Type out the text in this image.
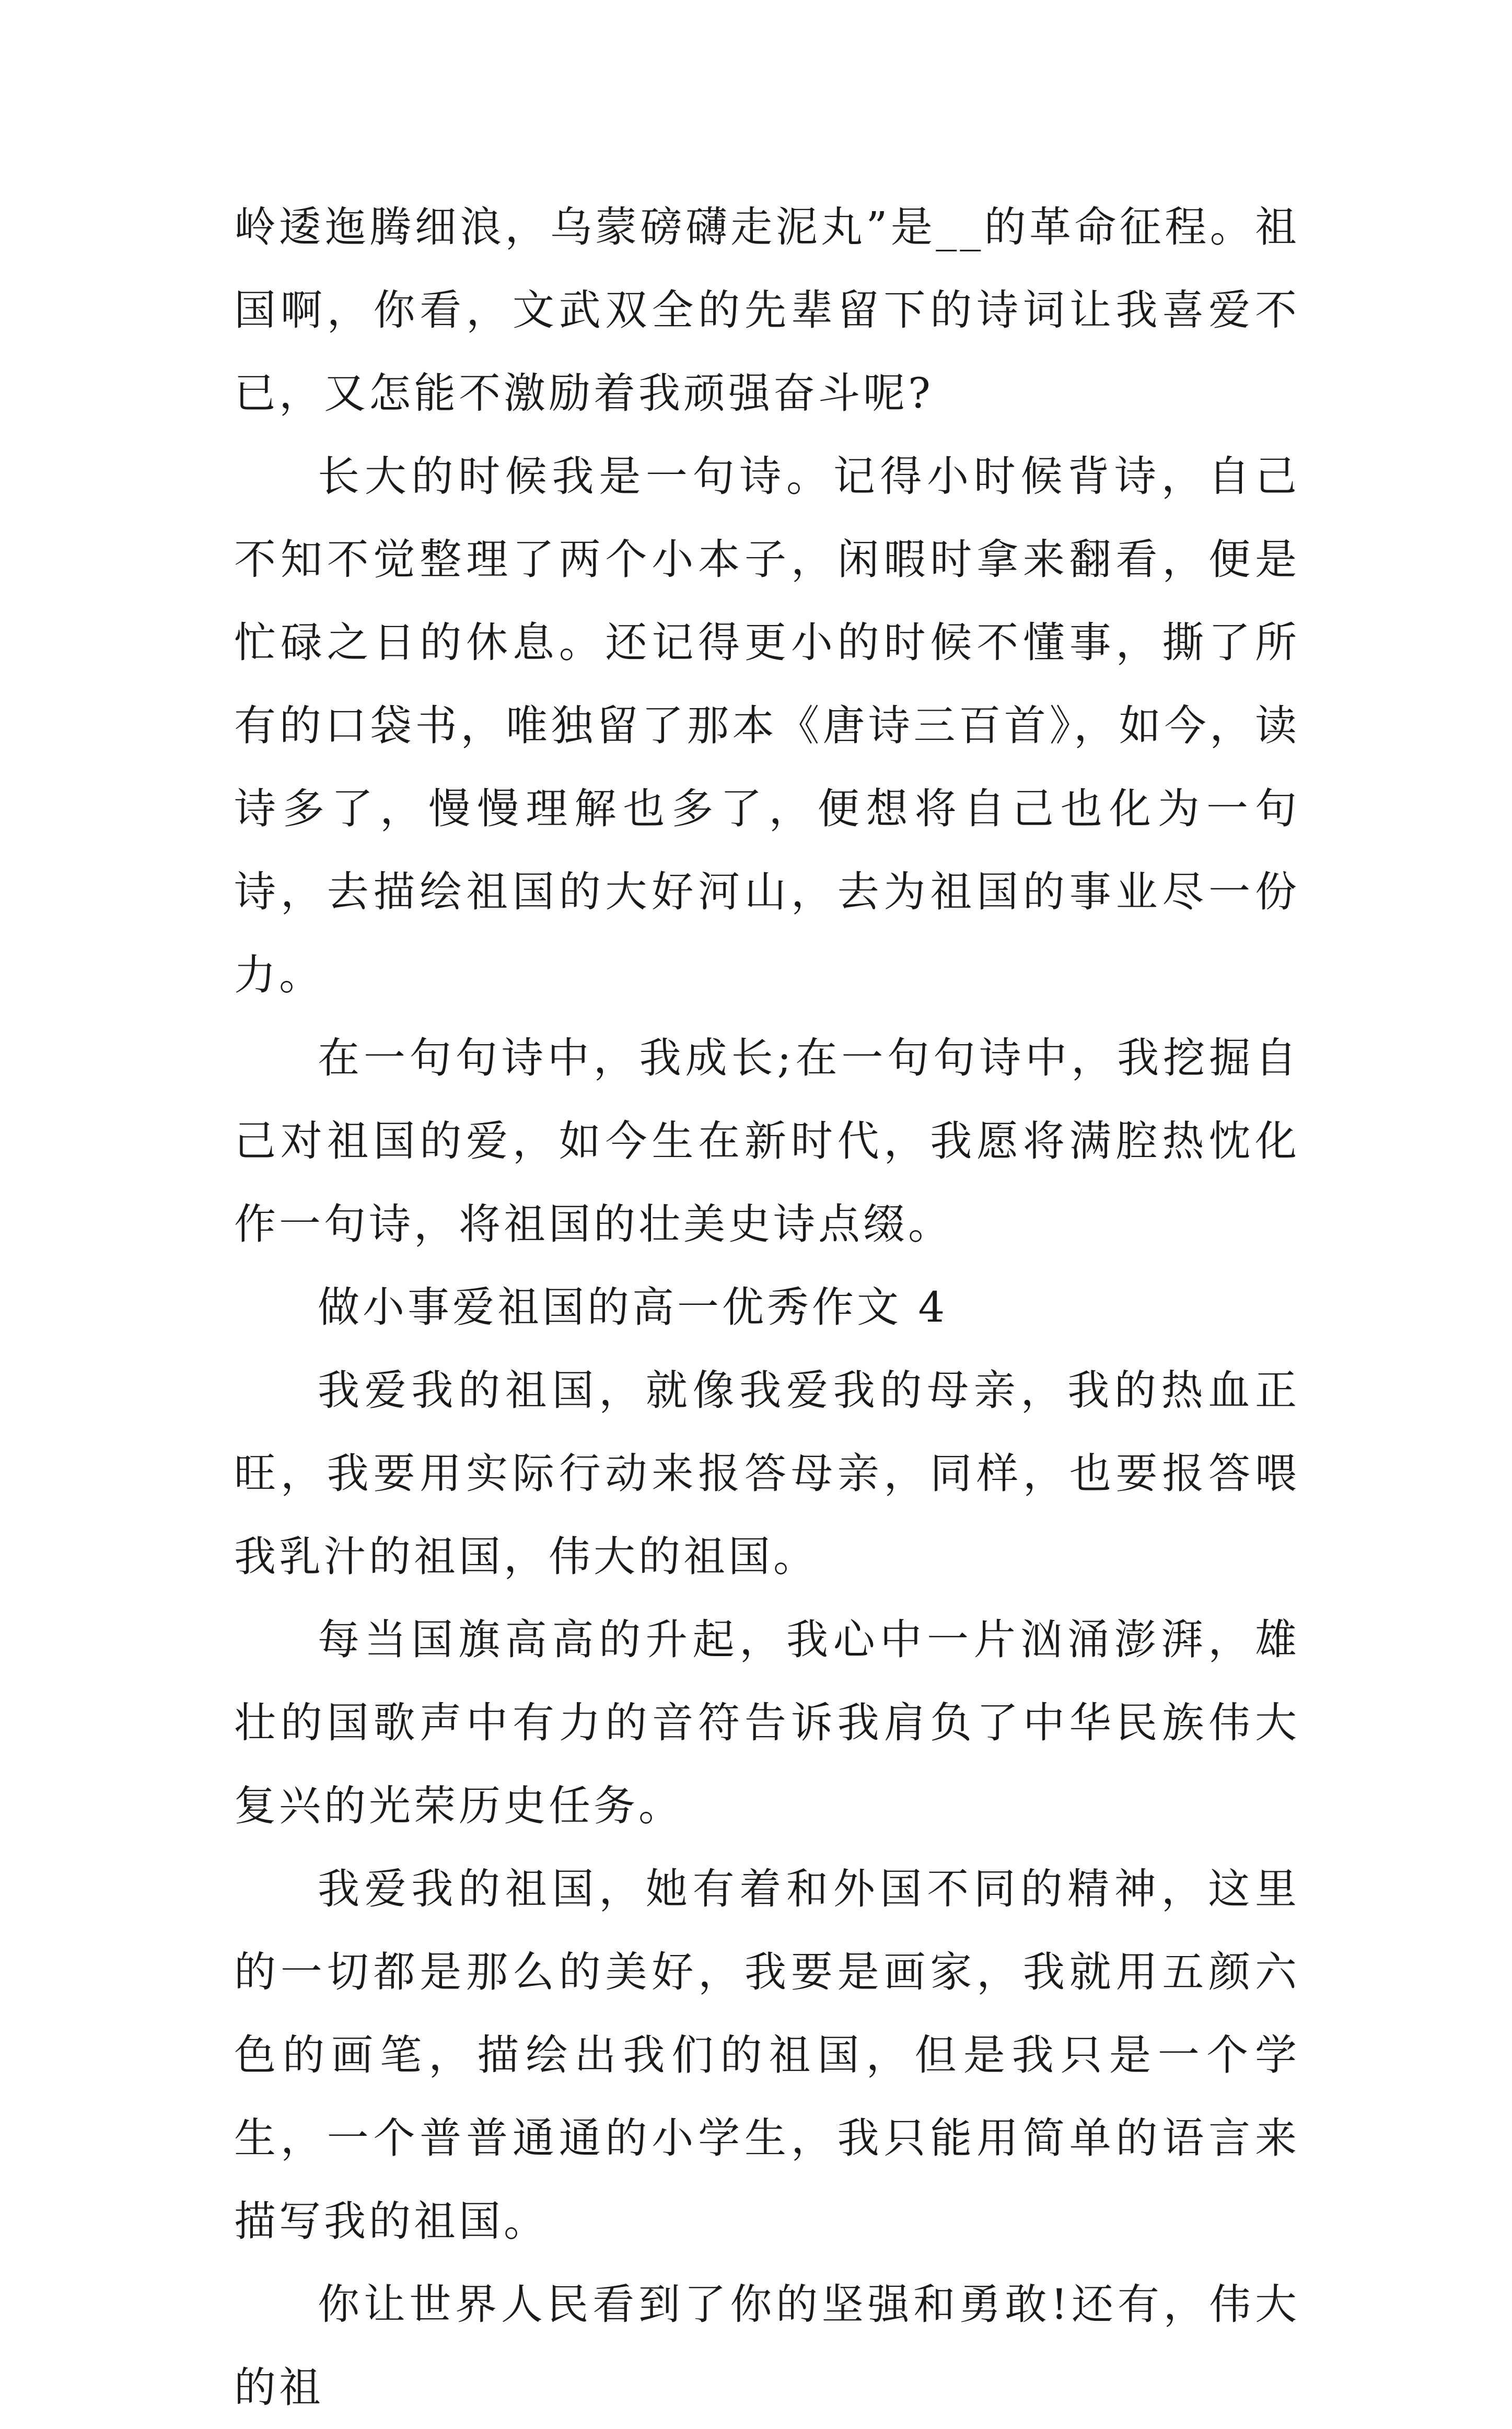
岭逶迤腾细浪，乌蒙磅礴走泥丸”是__的革命征程。祖国啊，你看，文武双全的先辈留下的诗词让我喜爱不已，又怎能不激励着我顽强奋斗呢?

长大的时候我是一句诗。记得小时候背诗，自己不知不觉整理了两个小本子，闲暇时拿来翻看，便是忙碌之日的休息。还记得更小的时候不懂事，撕了所有的口袋书，唯独留了那本《唐诗三百首》，如今，读诗多了，慢慢理解也多了，便想将自己也化为一句诗，去描绘祖国的大好河山，去为祖国的事业尽一份力。

在一句句诗中，我成长;在一句句诗中，我挖掘自己对祖国的爱，如今生在新时代，我愿将满腔热忱化作一句诗，将祖国的壮美史诗点缀。

做小事爱祖国的高一优秀作文 4

我爱我的祖国，就像我爱我的母亲，我的热血正旺，我要用实际行动来报答母亲，同样，也要报答喂我乳汁的祖国，伟大的祖国。

每当国旗高高的升起，我心中一片汹涌澎湃，雄壮的国歌声中有力的音符告诉我肩负了中华民族伟大复兴的光荣历史任务。

我爱我的祖国，她有着和外国不同的精神，这里的一切都是那么的美好，我要是画家，我就用五颜六色的画笔，描绘出我们的祖国，但是我只是一个学生，一个普普通通的小学生，我只能用简单的语言来描写我的祖国。

你让世界人民看到了你的坚强和勇敢!还有，伟大的祖
